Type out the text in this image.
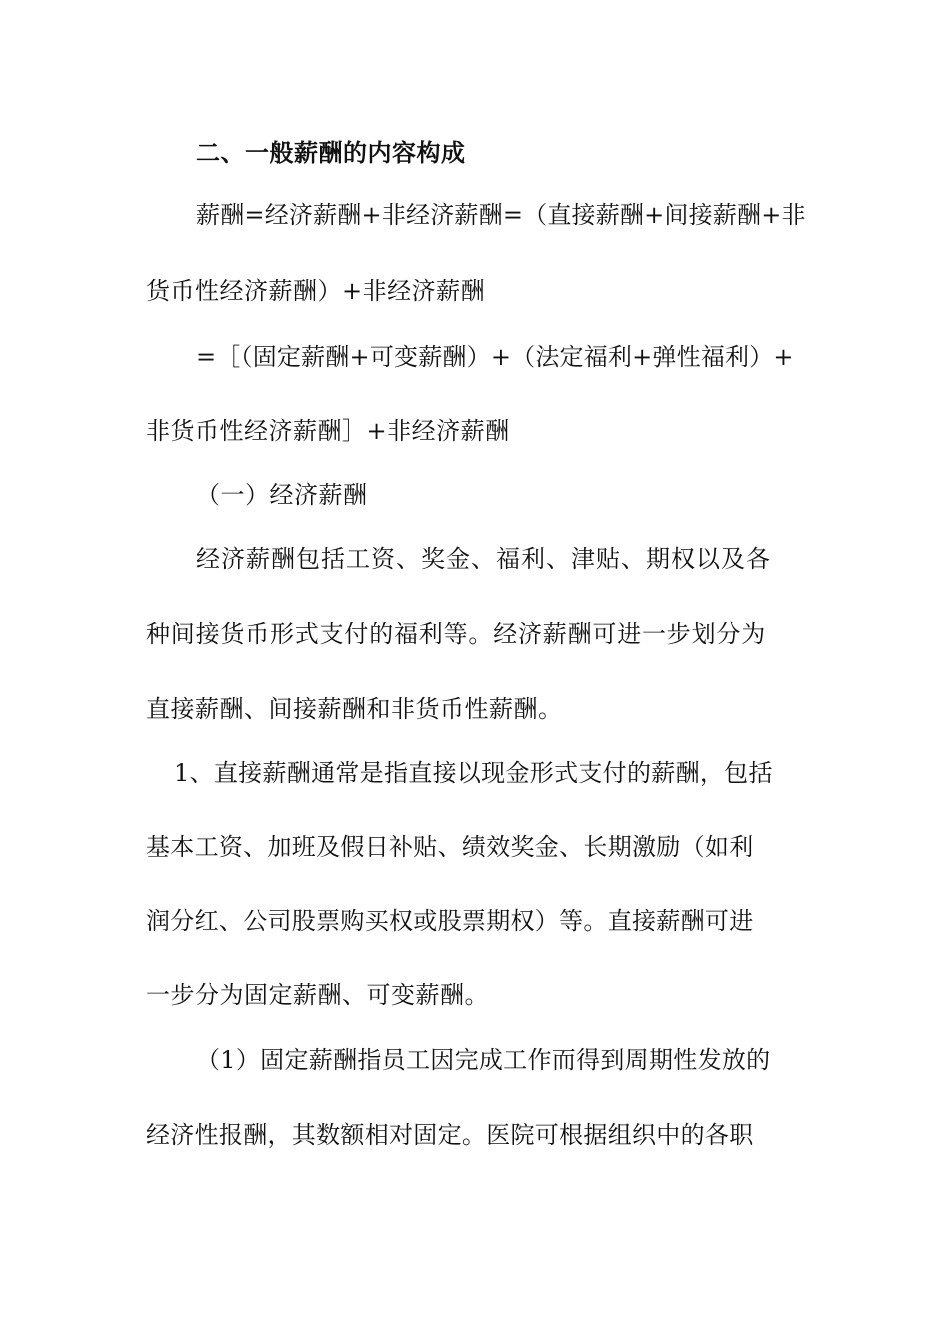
二、一般薪酬的内容构成
薪酬=经济薪酬+非经济薪酬=（直接薪酬+间接薪酬+非
货币性经济薪酬）+非经济薪酬
=［（固定薪酬+可变薪酬）+（法定福利+弹性福利）+
非货币性经济薪酬］+非经济薪酬
（一）经济薪酬
经济薪酬包括工资、奖金、福利、津贴、期权以及各
种间接货币形式支付的福利等。经济薪酬可进一步划分为
直接薪酬、间接薪酬和非货币性薪酬。
1、直接薪酬通常是指直接以现金形式支付的薪酬，包括
基本工资、加班及假日补贴、绩效奖金、长期激励（如利
润分红、公司股票购买权或股票期权）等。直接薪酬可进
一步分为固定薪酬、可变薪酬。
（1）固定薪酬指员工因完成工作而得到周期性发放的
经济性报酬，其数额相对固定。医院可根据组织中的各职
